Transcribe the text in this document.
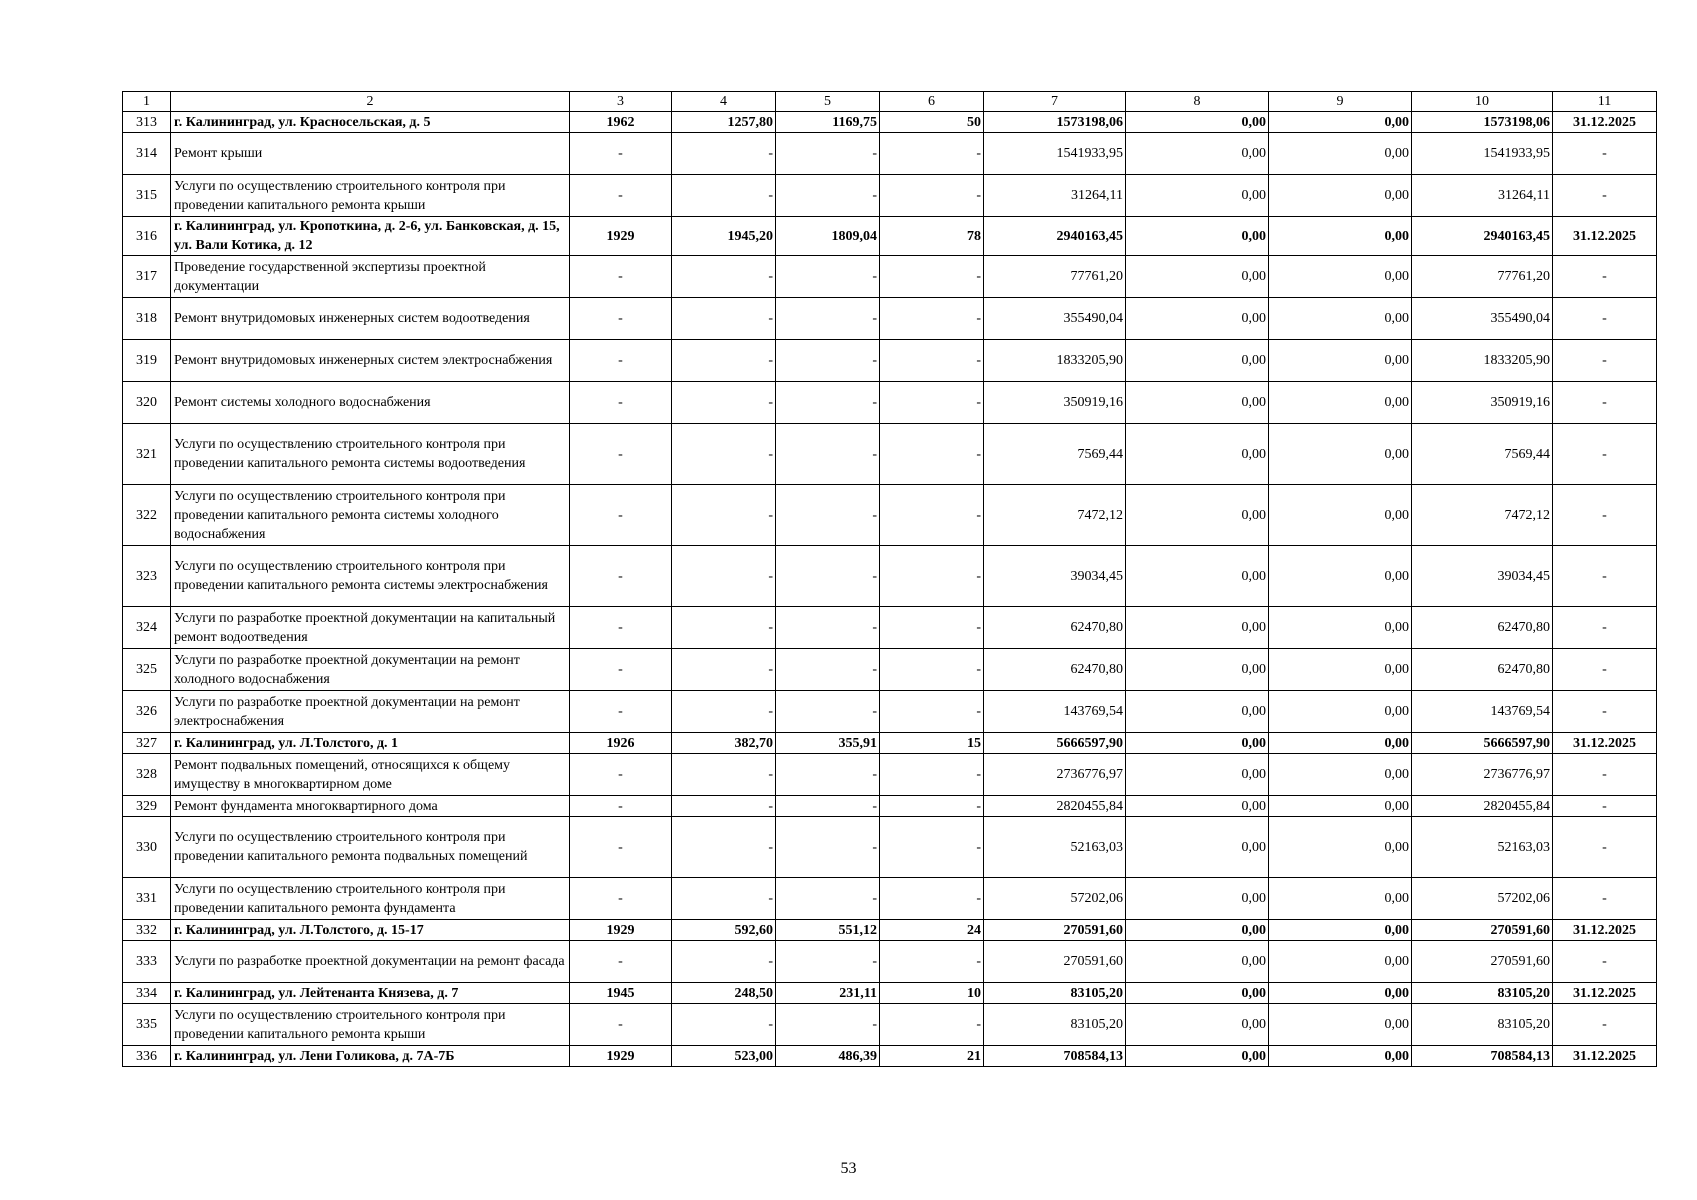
1	2	3	4	5	6	7	8	9	10	11
313	г. Калининград, ул. Красносельская, д. 5	1962	1257,80	1169,75	50	1573198,06	0,00	0,00	1573198,06	31.12.2025
314	Ремонт крыши	-	-	-	-	1541933,95	0,00	0,00	1541933,95	-
315	Услуги по осуществлению строительного контроля при проведении капитального ремонта крыши	-	-	-	-	31264,11	0,00	0,00	31264,11	-
316	г. Калининград, ул. Кропоткина, д. 2-6, ул. Банковская, д. 15, ул. Вали Котика, д. 12	1929	1945,20	1809,04	78	2940163,45	0,00	0,00	2940163,45	31.12.2025
317	Проведение государственной экспертизы проектной документации	-	-	-	-	77761,20	0,00	0,00	77761,20	-
318	Ремонт внутридомовых инженерных систем водоотведения	-	-	-	-	355490,04	0,00	0,00	355490,04	-
319	Ремонт внутридомовых инженерных систем электроснабжения	-	-	-	-	1833205,90	0,00	0,00	1833205,90	-
320	Ремонт системы холодного водоснабжения	-	-	-	-	350919,16	0,00	0,00	350919,16	-
321	Услуги по осуществлению строительного контроля при проведении капитального ремонта системы водоотведения	-	-	-	-	7569,44	0,00	0,00	7569,44	-
322	Услуги по осуществлению строительного контроля при проведении капитального ремонта системы холодного водоснабжения	-	-	-	-	7472,12	0,00	0,00	7472,12	-
323	Услуги по осуществлению строительного контроля при проведении капитального ремонта системы электроснабжения	-	-	-	-	39034,45	0,00	0,00	39034,45	-
324	Услуги по разработке проектной документации на капитальный ремонт водоотведения	-	-	-	-	62470,80	0,00	0,00	62470,80	-
325	Услуги по разработке проектной документации на ремонт холодного водоснабжения	-	-	-	-	62470,80	0,00	0,00	62470,80	-
326	Услуги по разработке проектной документации на ремонт электроснабжения	-	-	-	-	143769,54	0,00	0,00	143769,54	-
327	г. Калининград, ул. Л.Толстого, д. 1	1926	382,70	355,91	15	5666597,90	0,00	0,00	5666597,90	31.12.2025
328	Ремонт подвальных помещений, относящихся к общему имуществу в многоквартирном доме	-	-	-	-	2736776,97	0,00	0,00	2736776,97	-
329	Ремонт фундамента многоквартирного дома	-	-	-	-	2820455,84	0,00	0,00	2820455,84	-
330	Услуги по осуществлению строительного контроля при проведении капитального ремонта подвальных помещений	-	-	-	-	52163,03	0,00	0,00	52163,03	-
331	Услуги по осуществлению строительного контроля при проведении капитального ремонта фундамента	-	-	-	-	57202,06	0,00	0,00	57202,06	-
332	г. Калининград, ул. Л.Толстого, д. 15-17	1929	592,60	551,12	24	270591,60	0,00	0,00	270591,60	31.12.2025
333	Услуги по разработке проектной документации на ремонт фасада	-	-	-	-	270591,60	0,00	0,00	270591,60	-
334	г. Калининград, ул. Лейтенанта Князева, д. 7	1945	248,50	231,11	10	83105,20	0,00	0,00	83105,20	31.12.2025
335	Услуги по осуществлению строительного контроля при проведении капитального ремонта крыши	-	-	-	-	83105,20	0,00	0,00	83105,20	-
336	г. Калининград, ул. Лени Голикова, д. 7А-7Б	1929	523,00	486,39	21	708584,13	0,00	0,00	708584,13	31.12.2025
53
